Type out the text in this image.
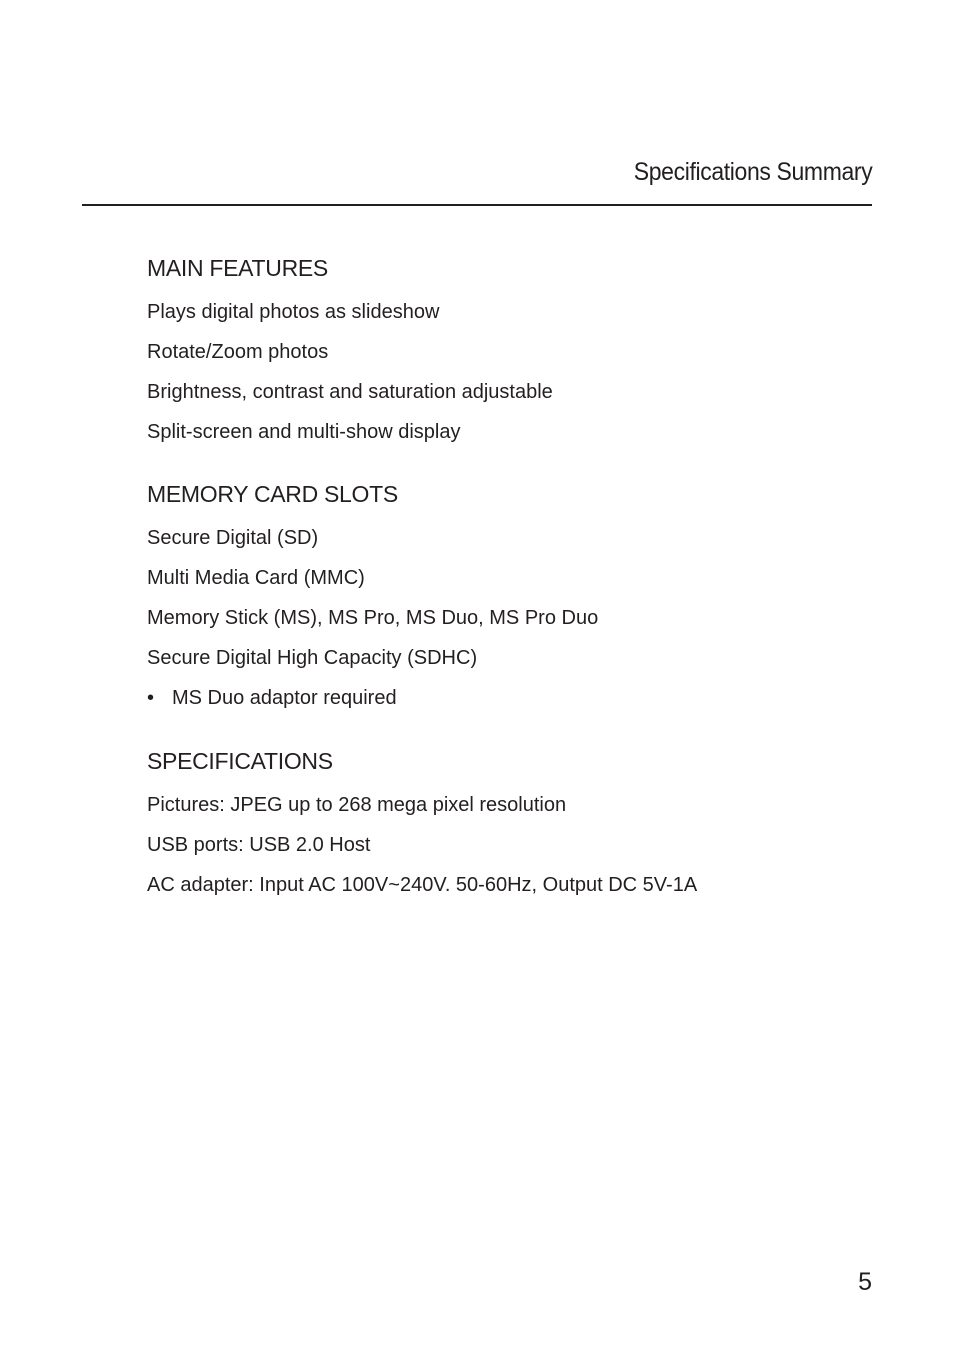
Specifications Summary
MAIN FEATURES
Plays digital photos as slideshow
Rotate/Zoom photos
Brightness, contrast and saturation adjustable
Split-screen and multi-show display
MEMORY CARD SLOTS
Secure Digital (SD)
Multi Media Card (MMC)
Memory Stick (MS), MS Pro, MS Duo, MS Pro Duo
Secure Digital High Capacity (SDHC)
• MS Duo adaptor required
SPECIFICATIONS
Pictures: JPEG up to 268 mega pixel resolution
USB ports: USB 2.0 Host
AC adapter: Input AC 100V~240V. 50-60Hz, Output DC 5V-1A
5
